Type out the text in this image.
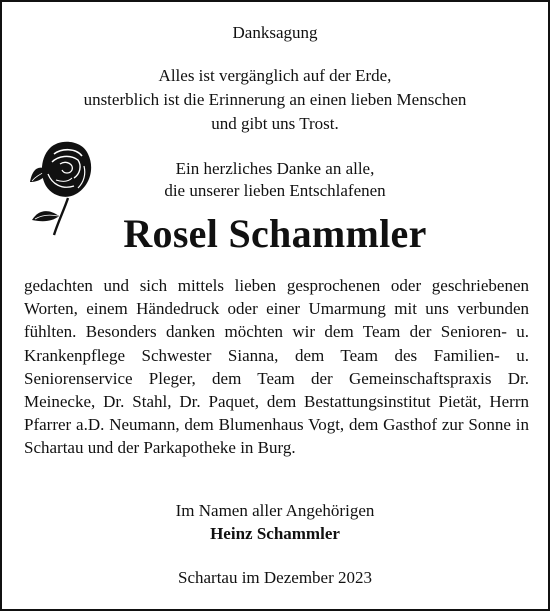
Danksagung
Alles ist vergänglich auf der Erde,
unsterblich ist die Erinnerung an einen lieben Menschen
und gibt uns Trost.
Ein herzliches Danke an alle,
die unserer lieben Entschlafenen
Rosel Schammler
gedachten und sich mittels lieben gesprochenen oder geschriebenen Worten, einem Händedruck oder einer Umarmung mit uns verbunden fühlten. Besonders danken möchten wir dem Team der Senioren- u. Krankenpflege Schwester Sianna, dem Team des Familien- u. Seniorenservice Pleger, dem Team der Gemeinschaftspraxis Dr. Meinecke, Dr. Stahl, Dr. Paquet, dem Bestattungsinstitut Pietät, Herrn Pfarrer a.D. Neumann, dem Blumenhaus Vogt, dem Gasthof zur Sonne in Schartau und der Parkapotheke in Burg.
Im Namen aller Angehörigen
Heinz Schammler
Schartau im Dezember 2023
